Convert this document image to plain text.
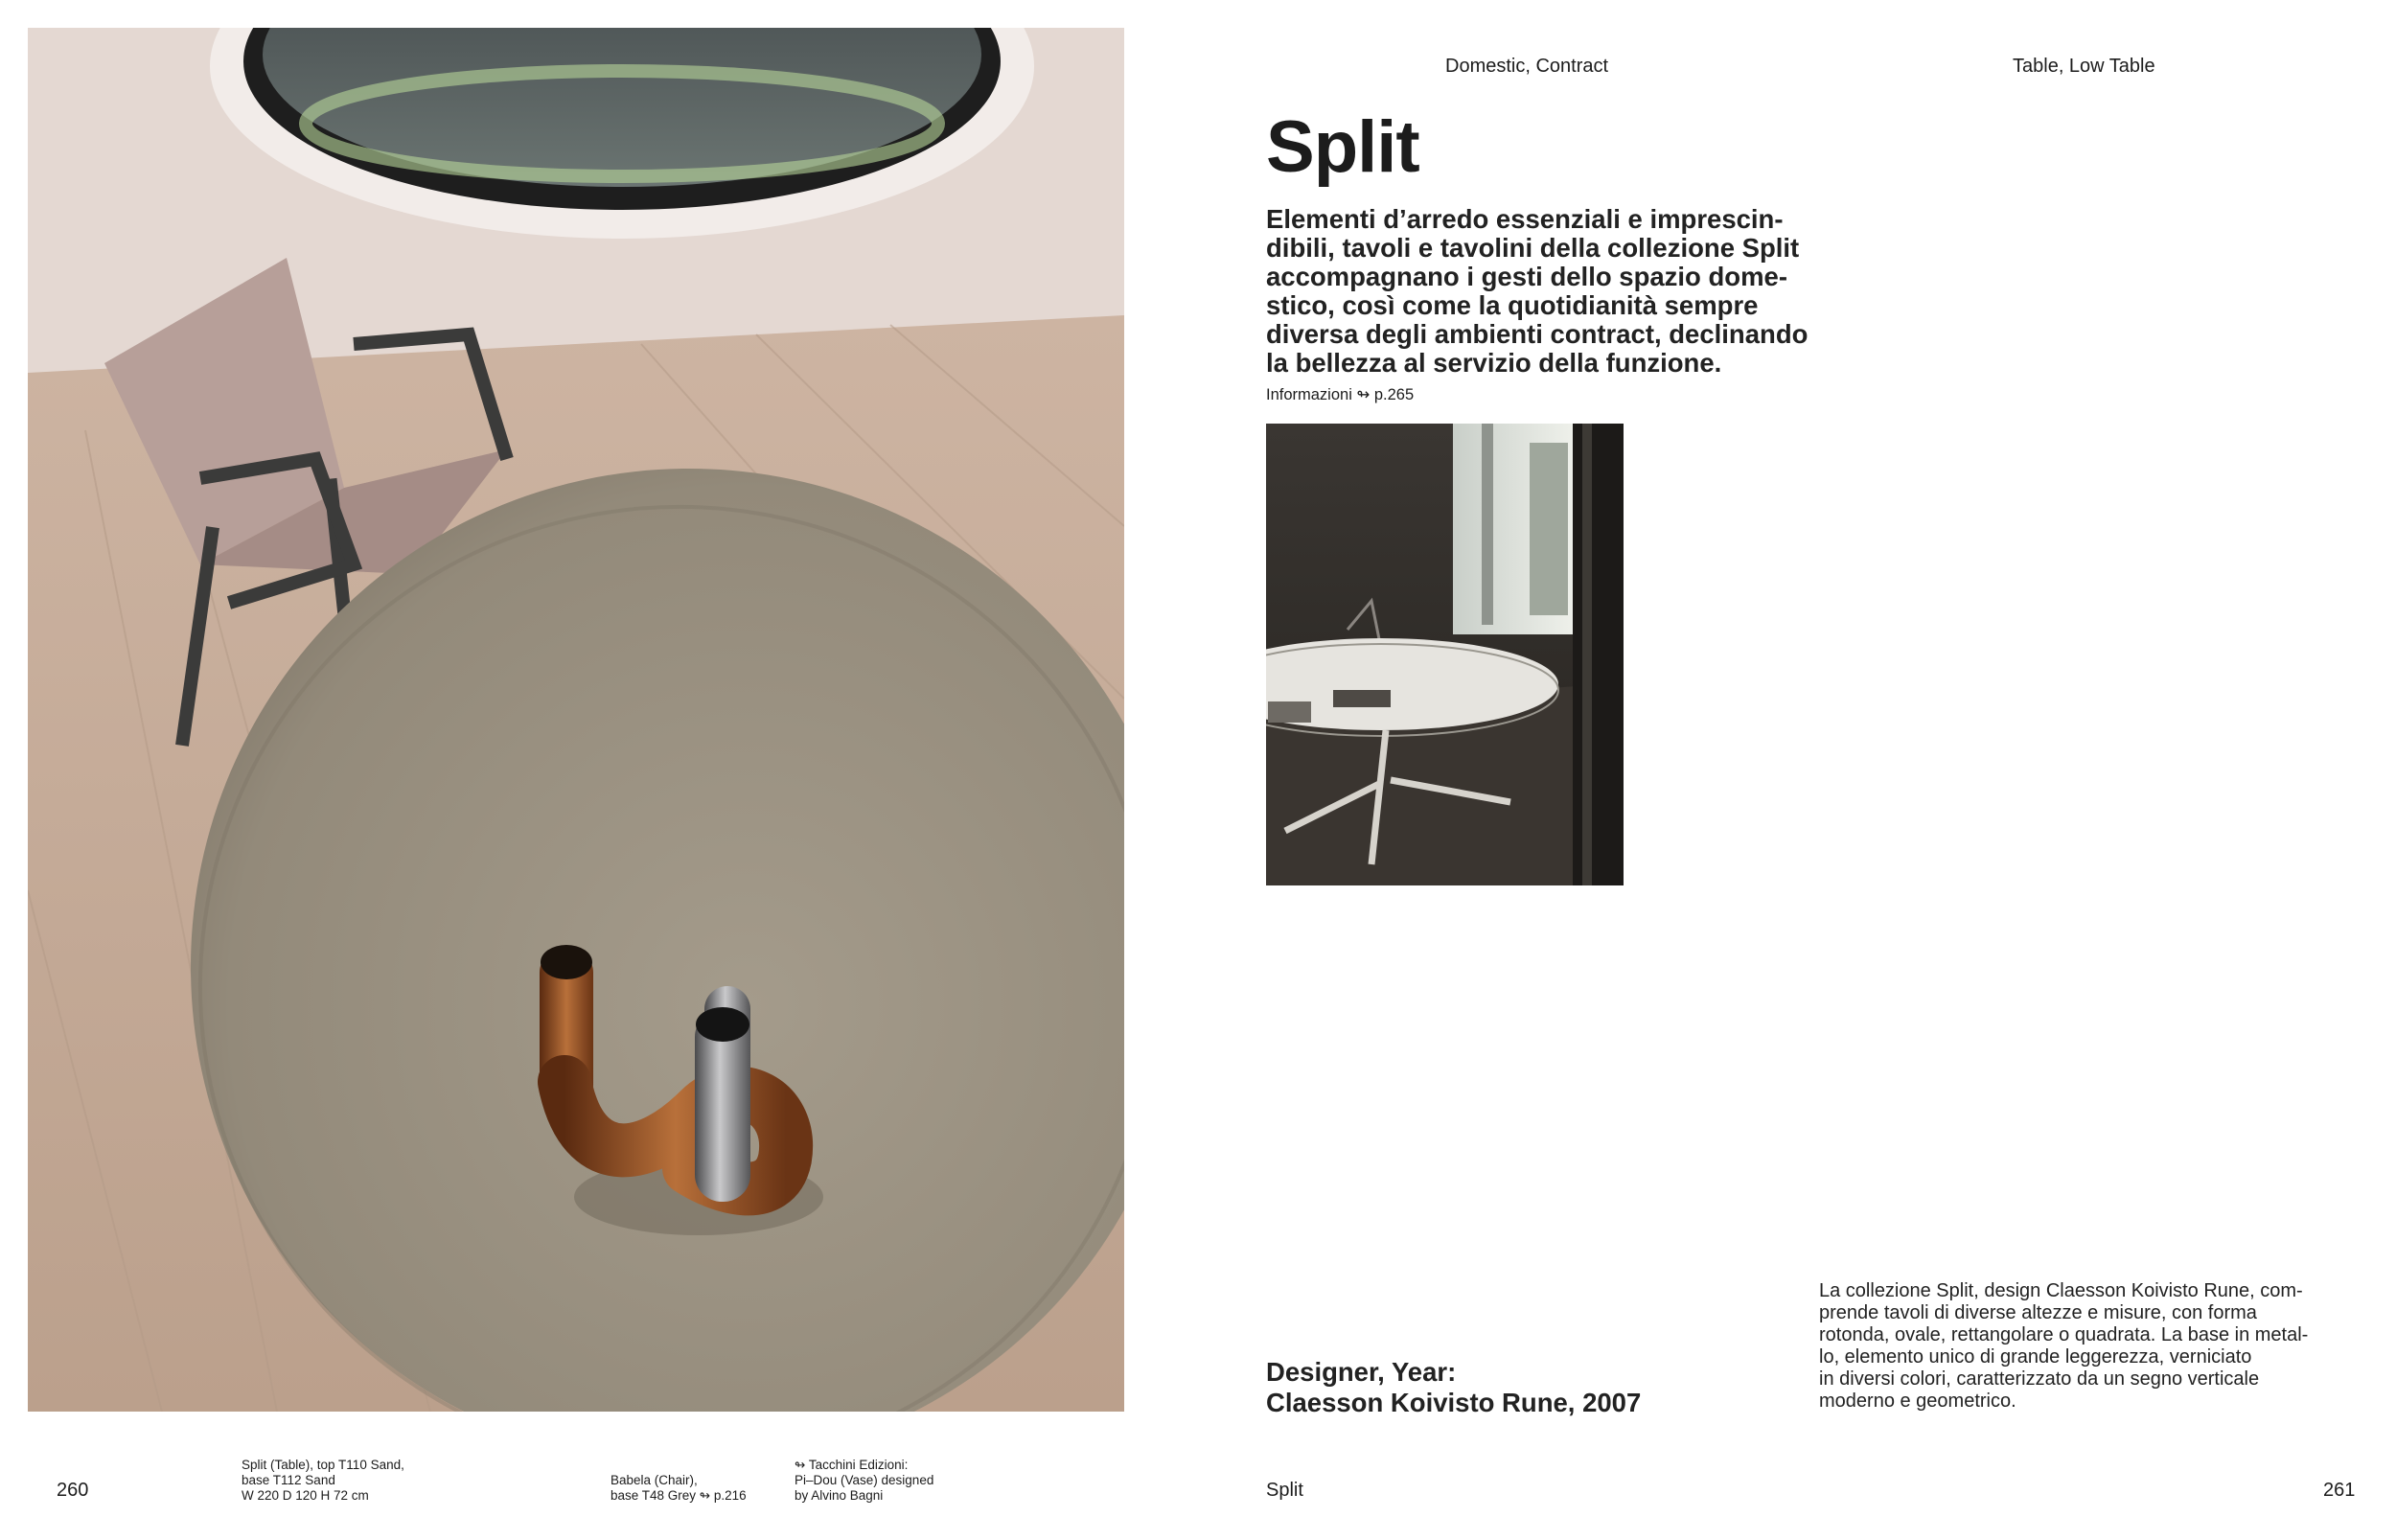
260
Split (Table), top T110 Sand,
base T112 Sand
W 220 D 120 H 72 cm
Babela (Chair),
base T48 Grey ↬ p.216
↬ Tacchini Edizioni:
Pi–Dou (Vase) designed
by Alvino Bagni
Domestic, Contract	Table, Low Table
Split
Elementi d’arredo essenziali e imprescin-
dibili, tavoli e tavolini della collezione Split
accompagnano i gesti dello spazio dome-
stico, così come la quotidianità sempre
diversa degli ambienti contract, declinando
la bellezza al servizio della funzione.
Informazioni ↬ p.265
Designer, Year:
Claesson Koivisto Rune, 2007
La collezione Split, design Claesson Koivisto Rune, com-
prende tavoli di diverse altezze e misure, con forma
rotonda, ovale, rettangolare o quadrata. La base in metal-
lo, elemento unico di grande leggerezza, verniciato
in diversi colori, caratterizzato da un segno verticale
moderno e geometrico.
Split	261
